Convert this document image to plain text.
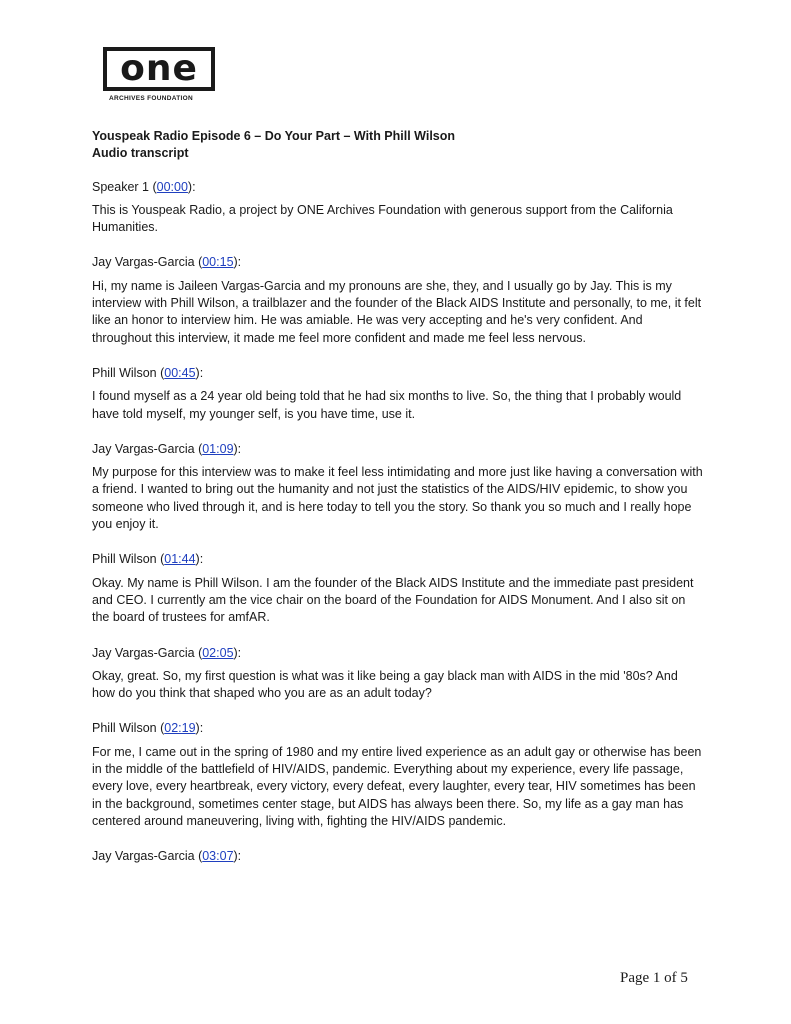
one
ARCHIVES FOUNDATION
Youspeak Radio Episode 6 – Do Your Part – With Phill Wilson
Audio transcript
Speaker 1 (00:00):
This is Youspeak Radio, a project by ONE Archives Foundation with generous support from the California Humanities.
Jay Vargas-Garcia (00:15):
Hi, my name is Jaileen Vargas-Garcia and my pronouns are she, they, and I usually go by Jay. This is my interview with Phill Wilson, a trailblazer and the founder of the Black AIDS Institute and personally, to me, it felt like an honor to interview him. He was amiable. He was very accepting and he's very confident. And throughout this interview, it made me feel more confident and made me feel less nervous.
Phill Wilson (00:45):
I found myself as a 24 year old being told that he had six months to live. So, the thing that I probably would have told myself, my younger self, is you have time, use it.
Jay Vargas-Garcia (01:09):
My purpose for this interview was to make it feel less intimidating and more just like having a conversation with a friend. I wanted to bring out the humanity and not just the statistics of the AIDS/HIV epidemic, to show you someone who lived through it, and is here today to tell you the story. So thank you so much and I really hope you enjoy it.
Phill Wilson (01:44):
Okay. My name is Phill Wilson. I am the founder of the Black AIDS Institute and the immediate past president and CEO. I currently am the vice chair on the board of the Foundation for AIDS Monument. And I also sit on the board of trustees for amfAR.
Jay Vargas-Garcia (02:05):
Okay, great. So, my first question is what was it like being a gay black man with AIDS in the mid '80s? And how do you think that shaped who you are as an adult today?
Phill Wilson (02:19):
For me, I came out in the spring of 1980 and my entire lived experience as an adult gay or otherwise has been in the middle of the battlefield of HIV/AIDS, pandemic. Everything about my experience, every life passage, every love, every heartbreak, every victory, every defeat, every laughter, every tear, HIV sometimes has been in the background, sometimes center stage, but AIDS has always been there. So, my life as a gay man has centered around maneuvering, living with, fighting the HIV/AIDS pandemic.
Jay Vargas-Garcia (03:07):
Page 1 of 5
